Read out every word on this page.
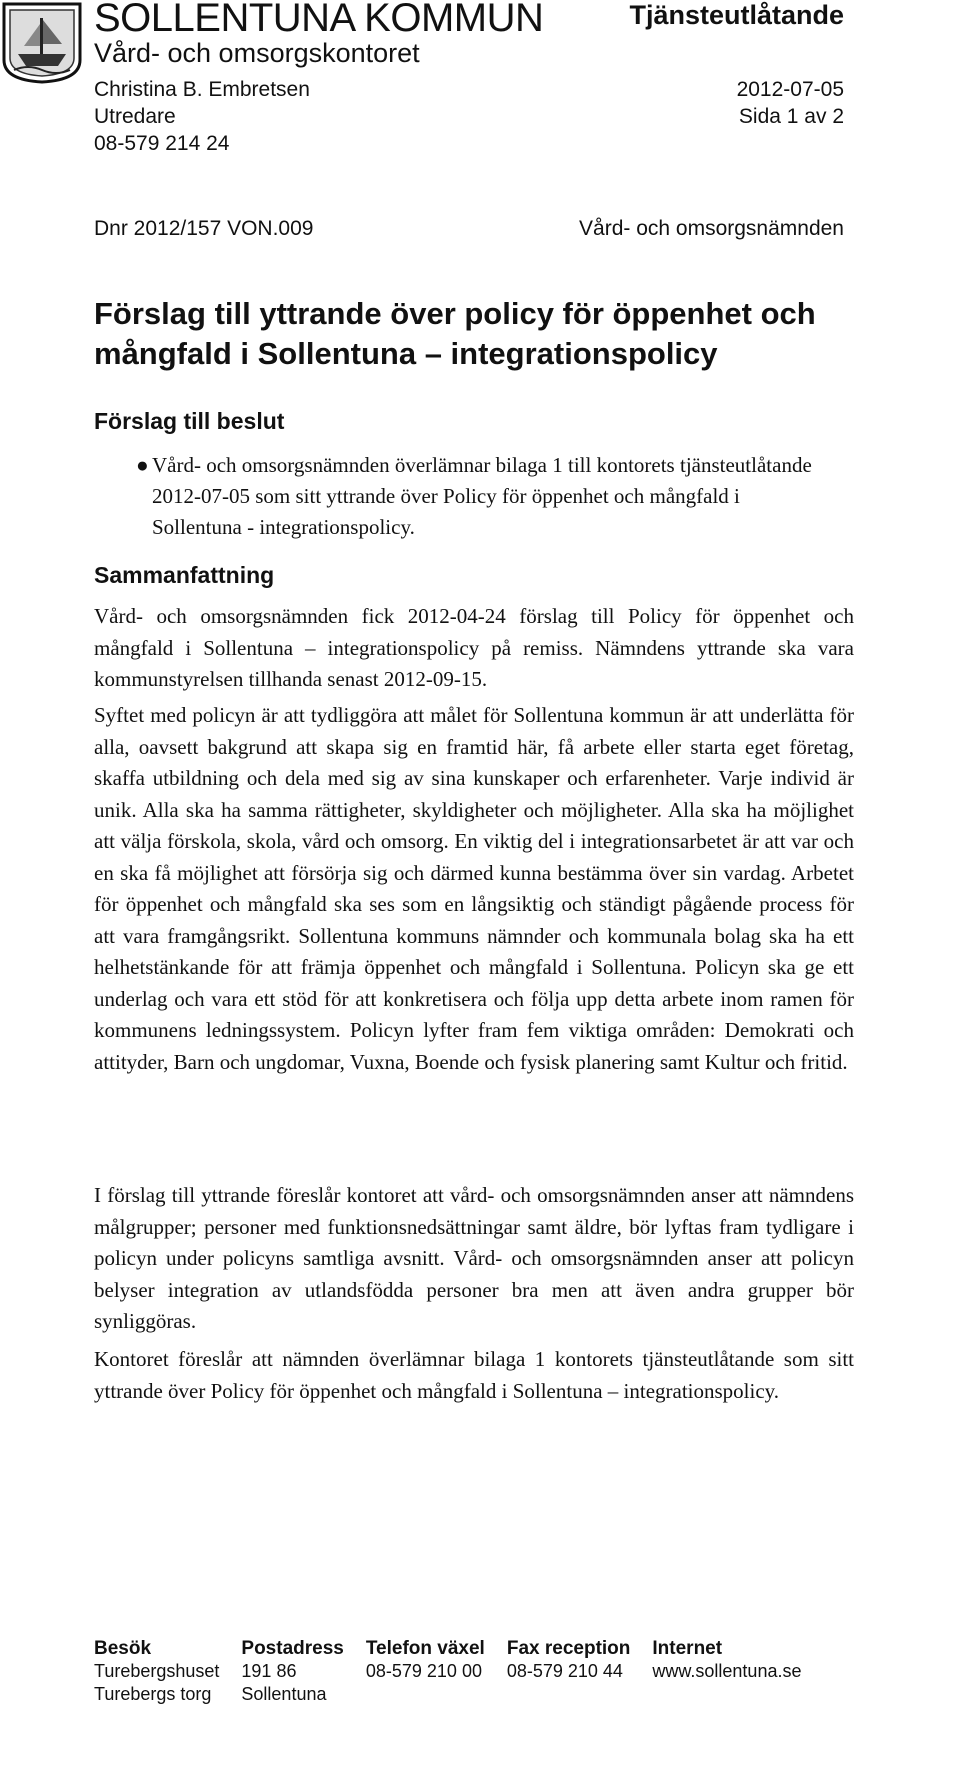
SOLLENTUNA KOMMUN
Vård- och omsorgskontoret
Tjänsteutlåtande
Christina B. Embretsen
Utredare
08-579 214 24
2012-07-05
Sida 1 av 2
Dnr 2012/157 VON.009	Vård- och omsorgsnämnden
Förslag till yttrande över policy för öppenhet och mångfald i Sollentuna – integrationspolicy
Förslag till beslut
● Vård- och omsorgsnämnden överlämnar bilaga 1 till kontorets tjänsteutlåtande 2012-07-05 som sitt yttrande över Policy för öppenhet och mångfald i Sollentuna - integrationspolicy.
Sammanfattning

Vård- och omsorgsnämnden fick 2012-04-24 förslag till Policy för öppenhet och mångfald i Sollentuna – integrationspolicy på remiss. Nämndens yttrande ska vara kommunstyrelsen tillhanda senast 2012-09-15.

Syftet med policyn är att tydliggöra att målet för Sollentuna kommun är att underlätta för alla, oavsett bakgrund att skapa sig en framtid här, få arbete eller starta eget företag, skaffa utbildning och dela med sig av sina kunskaper och erfarenheter. Varje individ är unik. Alla ska ha samma rättigheter, skyldigheter och möjligheter. Alla ska ha möjlighet att välja förskola, skola, vård och omsorg. En viktig del i integrationsarbetet är att var och en ska få möjlighet att försörja sig och därmed kunna bestämma över sin vardag. Arbetet för öppenhet och mångfald ska ses som en långsiktig och ständigt pågående process för att vara framgångsrikt. Sollentuna kommuns nämnder och kommunala bolag ska ha ett helhetstänkande för att främja öppenhet och mångfald i Sollentuna. Policyn ska ge ett underlag och vara ett stöd för att konkretisera och följa upp detta arbete inom ramen för kommunens ledningssystem. Policyn lyfter fram fem viktiga områden: Demokrati och attityder, Barn och ungdomar, Vuxna, Boende och fysisk planering samt Kultur och fritid.

I förslag till yttrande föreslår kontoret att vård- och omsorgsnämnden anser att nämndens målgrupper; personer med funktionsnedsättningar samt äldre, bör lyftas fram tydligare i policyn under policyns samtliga avsnitt. Vård- och omsorgsnämnden anser att policyn belyser integration av utlandsfödda personer bra men att även andra grupper bör synliggöras.

Kontoret föreslår att nämnden överlämnar bilaga 1 kontorets tjänsteutlåtande som sitt yttrande över Policy för öppenhet och mångfald i Sollentuna – integrationspolicy.

Besök	Postadress	Telefon växel	Fax reception	Internet
Turebergshuset	191 86	08-579 210 00	08-579 210 44	www.sollentuna.se
Turebergs torg	Sollentuna			
